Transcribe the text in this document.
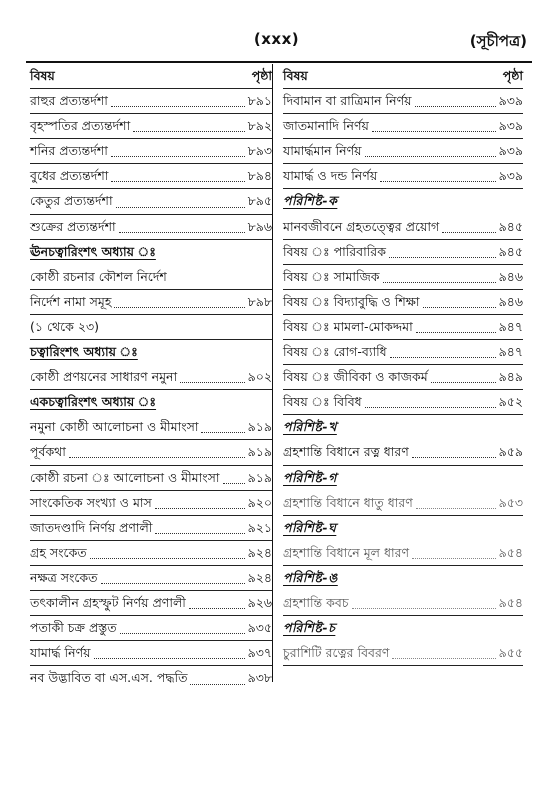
(xxx)	(সূচীপত্র)
বিষয়	পৃষ্ঠা
রাহুর প্রত্যন্তর্দশা	৮৯১
বৃহস্পতির প্রত্যন্তর্দশা	৮৯২
শনির প্রত্যন্তর্দশা	৮৯৩
বুধের প্রত্যন্তর্দশা	৮৯৪
কেতুর প্রত্যন্তর্দশা	৮৯৫
শুক্রের প্রত্যন্তর্দশা	৮৯৬
ঊনচত্বারিংশৎ অধ্যায় ঃ
কোষ্ঠী রচনার কৌশল নির্দেশ
নির্দেশ নামা সমূহ	৮৯৮
(১ থেকে ২৩)
চত্বারিংশৎ অধ্যায় ঃ
কোষ্ঠী প্রণয়নের সাধারণ নমুনা	৯০২
একচত্বারিংশৎ অধ্যায় ঃ
নমুনা কোষ্ঠী আলোচনা ও মীমাংসা	৯১৯
পূর্বকথা	৯১৯
কোষ্ঠী রচনা ঃ আলোচনা ও মীমাংসা ৯১৯
সাংকেতিক সংখ্যা ও মাস	৯২০
জাতদণ্ডাদি নির্ণয় প্রণালী	৯২১
গ্রহ সংকেত	৯২৪
নক্ষত্র সংকেত	৯২৪
তৎকালীন গ্রহস্ফুট নির্ণয় প্রণালী	৯২৬
পতাকী চক্র প্রস্তুত	৯৩৫
যামার্দ্ধ নির্ণয়	৯৩৭
নব উদ্ভাবিত বা এস.এস. পদ্ধতি	৯৩৮
বিষয়	পৃষ্ঠা
দিবামান বা রাত্রিমান নির্ণয়	৯৩৯
জাতমানাদি নির্ণয়	৯৩৯
যামার্দ্ধমান নির্ণয়	৯৩৯
যামার্দ্ধ ও দন্ড নির্ণয়	৯৩৯
পরিশিষ্ট-ক
মানবজীবনে গ্রহতত্ত্বের প্রয়োগ	৯৪৫
বিষয় ঃ পারিবারিক	৯৪৫
বিষয় ঃ সামাজিক	৯৪৬
বিষয় ঃ বিদ্যাবুদ্ধি ও শিক্ষা	৯৪৬
বিষয় ঃ মামলা-মোকদ্দমা	৯৪৭
বিষয় ঃ রোগ-ব্যাধি	৯৪৭
বিষয় ঃ জীবিকা ও কাজকর্ম	৯৪৯
বিষয় ঃ বিবিধ	৯৫২
পরিশিষ্ট-খ
গ্রহশান্তি বিধানে রত্ন ধারণ	৯৫৯
পরিশিষ্ট-গ
গ্রহশান্তি বিধানে ধাতু ধারণ	৯৫৩
পরিশিষ্ট-ঘ
গ্রহশান্তি বিধানে মূল ধারণ	৯৫৪
পরিশিষ্ট-ঙ
গ্রহশান্তি কবচ	৯৫৪
পরিশিষ্ট-চ
চুরাশিটি রত্নের বিবরণ	৯৫৫
